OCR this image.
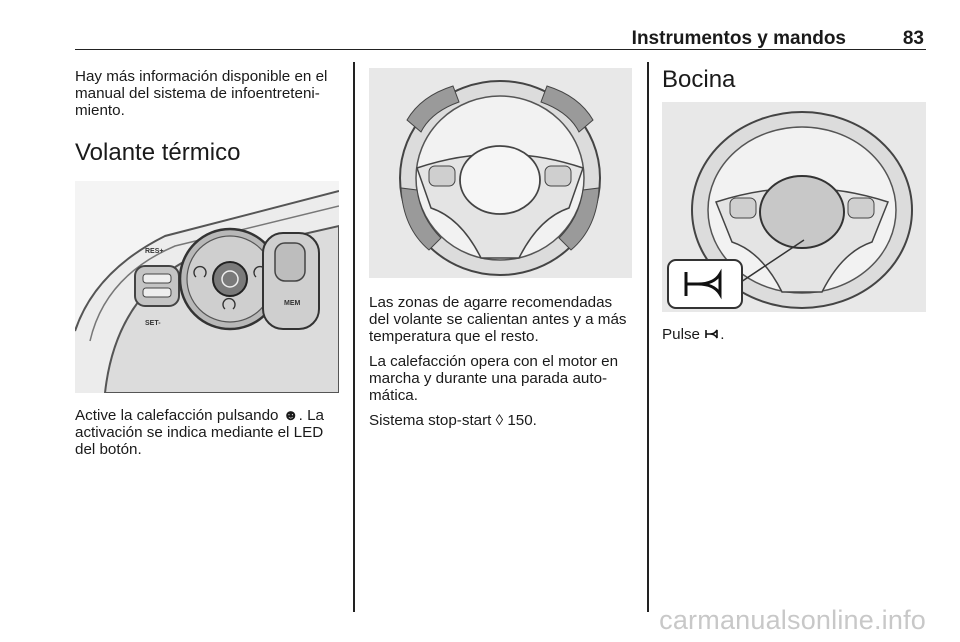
Instrumentos y mandos	83

Hay más información disponible en el manual del sistema de infoentreteni-miento.

Volante térmico
RES+
SET-
MEM

Active la calefacción pulsando ☻. La activación se indica mediante el LED del botón.

Las zonas de agarre recomendadas del volante se calientan antes y a más temperatura que el resto.

La calefacción opera con el motor en marcha y durante una parada auto-mática.

Sistema stop-start ◊ 150.

Bocina

Pulse .

carmanualsonline.info
